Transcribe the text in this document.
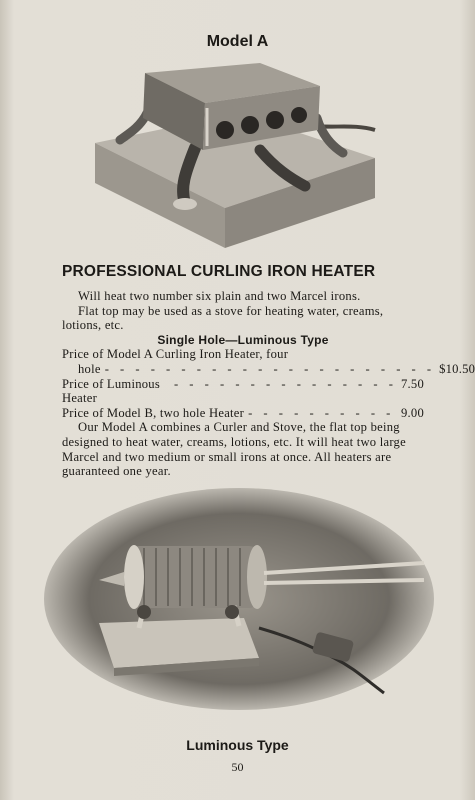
Model A
PROFESSIONAL CURLING IRON HEATER

Will heat two number six plain and two Marcel irons.

Flat top may be used as a stove for heating water, creams, lotions, etc.

Single Hole—Luminous Type

Price of Model A Curling Iron Heater, four

hole - - - - - - - - - - - - - - - - - - - - - - $10.50
Price of Luminous Heater
- - - - - - - - - - - - - - - 7.50
Price of Model B, two hole Heater - - - - - - - - - - 9.00

Our Model A combines a Curler and Stove, the flat top being designed to heat water, creams, lotions, etc. It will heat two large Marcel and two medium or small irons at once. All heaters are guaranteed one year.

Luminous Type
50
